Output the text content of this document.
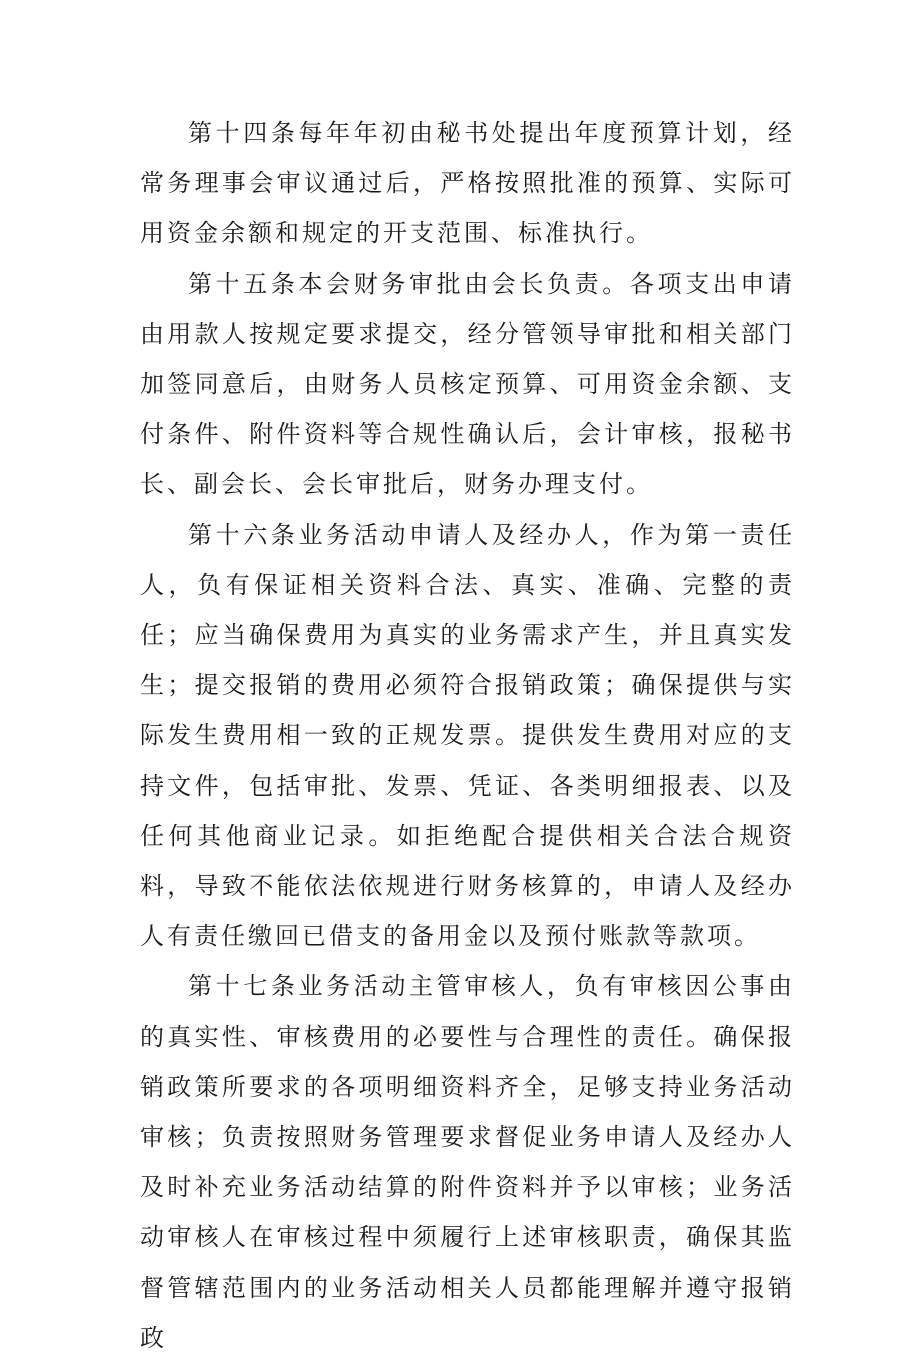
第十四条每年年初由秘书处提出年度预算计划，经常务理事会审议通过后，严格按照批准的预算、实际可用资金余额和规定的开支范围、标准执行。

第十五条本会财务审批由会长负责。各项支出申请由用款人按规定要求提交，经分管领导审批和相关部门加签同意后，由财务人员核定预算、可用资金余额、支付条件、附件资料等合规性确认后，会计审核，报秘书长、副会长、会长审批后，财务办理支付。

第十六条业务活动申请人及经办人，作为第一责任人，负有保证相关资料合法、真实、准确、完整的责任；应当确保费用为真实的业务需求产生，并且真实发生；提交报销的费用必须符合报销政策；确保提供与实际发生费用相一致的正规发票。提供发生费用对应的支持文件，包括审批、发票、凭证、各类明细报表、以及任何其他商业记录。如拒绝配合提供相关合法合规资料，导致不能依法依规进行财务核算的，申请人及经办人有责任缴回已借支的备用金以及预付账款等款项。

第十七条业务活动主管审核人，负有审核因公事由的真实性、审核费用的必要性与合理性的责任。确保报销政策所要求的各项明细资料齐全，足够支持业务活动审核；负责按照财务管理要求督促业务申请人及经办人及时补充业务活动结算的附件资料并予以审核；业务活动审核人在审核过程中须履行上述审核职责，确保其监督管辖范围内的业务活动相关人员都能理解并遵守报销政
